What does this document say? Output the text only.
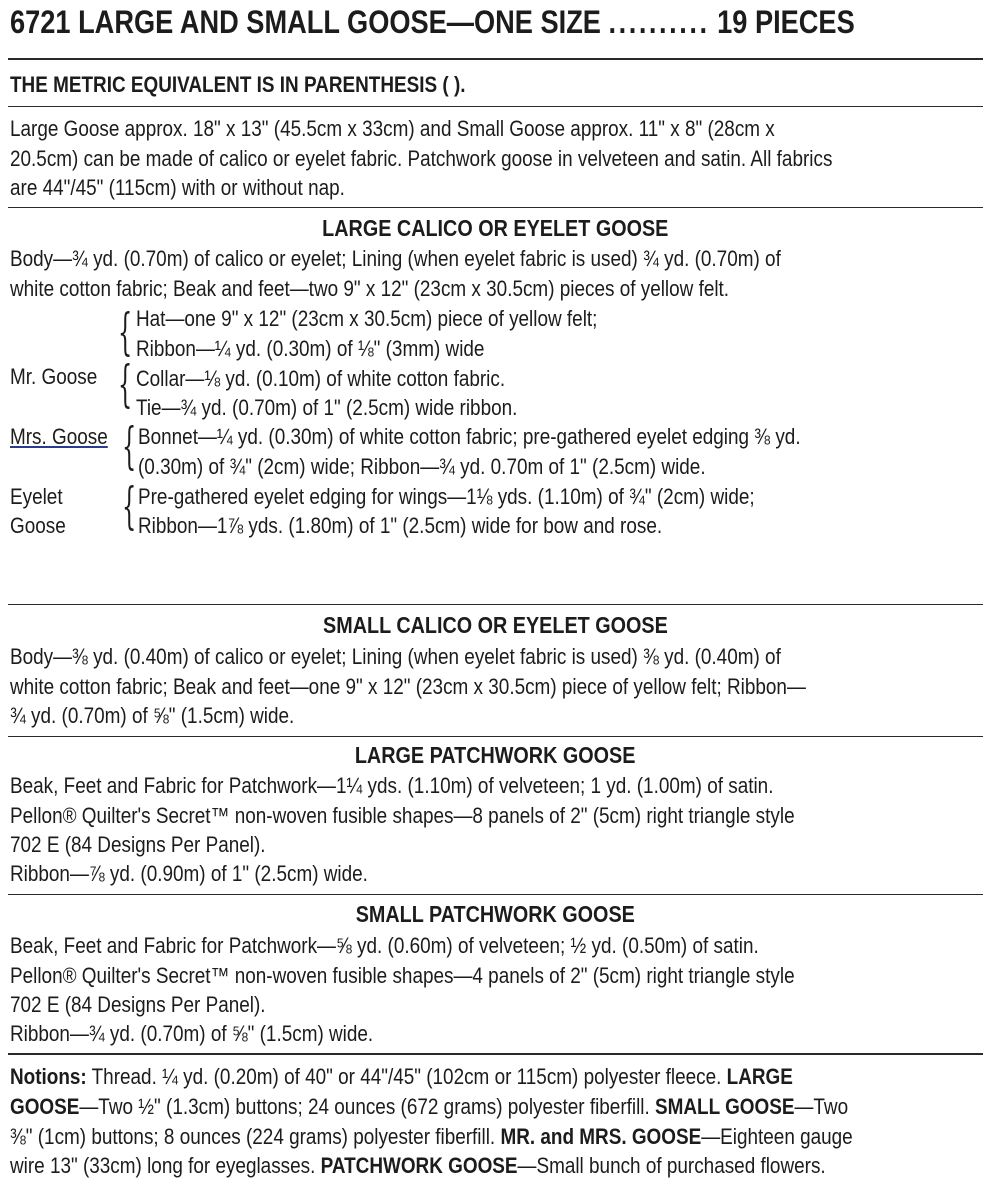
6721 LARGE AND SMALL GOOSE—ONE SIZE .......... 19 PIECES
THE METRIC EQUIVALENT IS IN PARENTHESIS ( ).
Large Goose approx. 18" x 13" (45.5cm x 33cm) and Small Goose approx. 11" x 8" (28cm x
20.5cm) can be made of calico or eyelet fabric. Patchwork goose in velveteen and satin. All fabrics
are 44"/45" (115cm) with or without nap.
LARGE CALICO OR EYELET GOOSE
Body—¾ yd. (0.70m) of calico or eyelet; Lining (when eyelet fabric is used) ¾ yd. (0.70m) of
white cotton fabric; Beak and feet—two 9" x 12" (23cm x 30.5cm) pieces of yellow felt.
Mr. Goose
{
{
Hat—one 9" x 12" (23cm x 30.5cm) piece of yellow felt;
Ribbon—¼ yd. (0.30m) of ⅛" (3mm) wide
Collar—⅛ yd. (0.10m) of white cotton fabric.
Tie—¾ yd. (0.70m) of 1" (2.5cm) wide ribbon.
Mrs. Goose { Bonnet—¼ yd. (0.30m) of white cotton fabric; pre-gathered eyelet edging ⅜ yd.
(0.30m) of ¾" (2cm) wide; Ribbon—¾ yd. 0.70m of 1" (2.5cm) wide.
Eyelet
Goose { Pre-gathered eyelet edging for wings—1⅛ yds. (1.10m) of ¾" (2cm) wide;
Ribbon—1⅞ yds. (1.80m) of 1" (2.5cm) wide for bow and rose.
SMALL CALICO OR EYELET GOOSE
Body—⅜ yd. (0.40m) of calico or eyelet; Lining (when eyelet fabric is used) ⅜ yd. (0.40m) of
white cotton fabric; Beak and feet—one 9" x 12" (23cm x 30.5cm) piece of yellow felt; Ribbon—
¾ yd. (0.70m) of ⅝" (1.5cm) wide.
LARGE PATCHWORK GOOSE
Beak, Feet and Fabric for Patchwork—1¼ yds. (1.10m) of velveteen; 1 yd. (1.00m) of satin.
Pellon® Quilter's Secret™ non-woven fusible shapes—8 panels of 2" (5cm) right triangle style
702 E (84 Designs Per Panel).
Ribbon—⅞ yd. (0.90m) of 1" (2.5cm) wide.
SMALL PATCHWORK GOOSE
Beak, Feet and Fabric for Patchwork—⅝ yd. (0.60m) of velveteen; ½ yd. (0.50m) of satin.
Pellon® Quilter's Secret™ non-woven fusible shapes—4 panels of 2" (5cm) right triangle style
702 E (84 Designs Per Panel).
Ribbon—¾ yd. (0.70m) of ⅝" (1.5cm) wide.
Notions: Thread. ¼ yd. (0.20m) of 40" or 44"/45" (102cm or 115cm) polyester fleece. LARGE
GOOSE—Two ½" (1.3cm) buttons; 24 ounces (672 grams) polyester fiberfill. SMALL GOOSE—Two
⅜" (1cm) buttons; 8 ounces (224 grams) polyester fiberfill. MR. and MRS. GOOSE—Eighteen gauge
wire 13" (33cm) long for eyeglasses. PATCHWORK GOOSE—Small bunch of purchased flowers.
